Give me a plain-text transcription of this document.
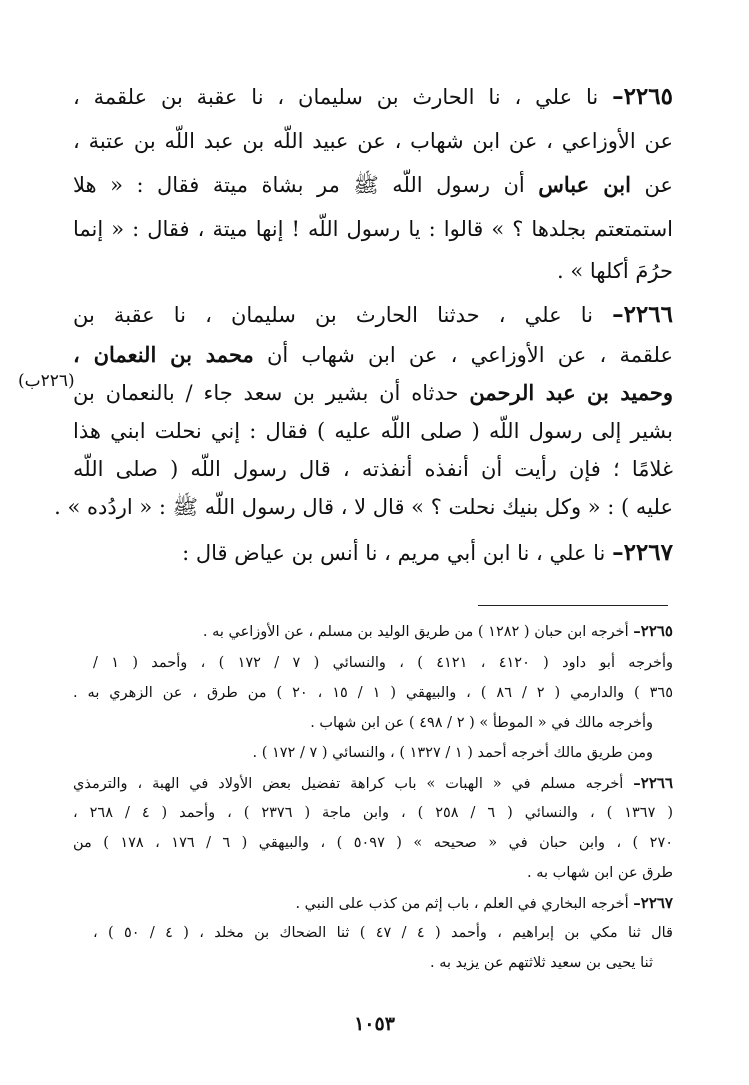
٢٢٦٥– نا علي ، نا الحارث بن سليمان ، نا عقبة بن علقمة ،
عن الأوزاعي ، عن ابن شهاب ، عن عبيد اللّه بن عبد اللّه بن عتبة ،
عن ابن عباس أن رسول اللّه ﷺ مر بشاة ميتة فقال : « هلا
استمتعتم بجلدها ؟ » قالوا : يا رسول اللّه ! إنها ميتة ، فقال : « إنما
حرُمَ أكلها » .
٢٢٦٦– نا علي ، حدثنا الحارث بن سليمان ، نا عقبة بن
علقمة ، عن الأوزاعي ، عن ابن شهاب أن محمد بن النعمان ،
وحميد بن عبد الرحمن حدثاه أن بشير بن سعد جاء / بالنعمان بن
بشير إلى رسول اللّه ( صلى اللّه عليه ) فقال : إني نحلت ابني هذا
غلامًا ؛ فإن رأيت أن أنفذه أنفذته ، قال رسول اللّه ( صلى اللّه
عليه ) : « وكل بنيك نحلت ؟ » قال لا ، قال رسول اللّه ﷺ : « اردُده » .
٢٢٦٧– نا علي ، نا ابن أبي مريم ، نا أنس بن عياض قال :
(٢٢٦ب)
٢٢٦٥– أخرجه ابن حبان ( ١٢٨٢ ) من طريق الوليد بن مسلم ، عن الأوزاعي به .
وأخرجه أبو داود ( ٤١٢٠ ، ٤١٢١ ) ، والنسائي ( ٧ / ١٧٢ ) ، وأحمد ( ١ /
٣٦٥ ) والدارمي ( ٢ / ٨٦ ) ، والبيهقي ( ١ / ١٥ ، ٢٠ ) من طرق ، عن الزهري به .
وأخرجه مالك في « الموطأ » ( ٢ / ٤٩٨ ) عن ابن شهاب .
ومن طريق مالك أخرجه أحمد ( ١ / ١٣٢٧ ) ، والنسائي ( ٧ / ١٧٢ ) .
٢٢٦٦– أخرجه مسلم في « الهبات » باب كراهة تفضيل بعض الأولاد في الهبة ، والترمذي
( ١٣٦٧ ) ، والنسائي ( ٦ / ٢٥٨ ) ، وابن ماجة ( ٢٣٧٦ ) ، وأحمد ( ٤ / ٢٦٨ ،
٢٧٠ ) ، وابن حبان في « صحيحه » ( ٥٠٩٧ ) ، والبيهقي ( ٦ / ١٧٦ ، ١٧٨ ) من
طرق عن ابن شهاب به .
٢٢٦٧– أخرجه البخاري في العلم ، باب إثم من كذب على النبي .
قال ثنا مكي بن إبراهيم ، وأحمد ( ٤ / ٤٧ ) ثنا الضحاك بن مخلد ، ( ٤ / ٥٠ ) ،
ثنا يحيى بن سعيد ثلاثتهم عن يزيد به .
١٠٥٣
